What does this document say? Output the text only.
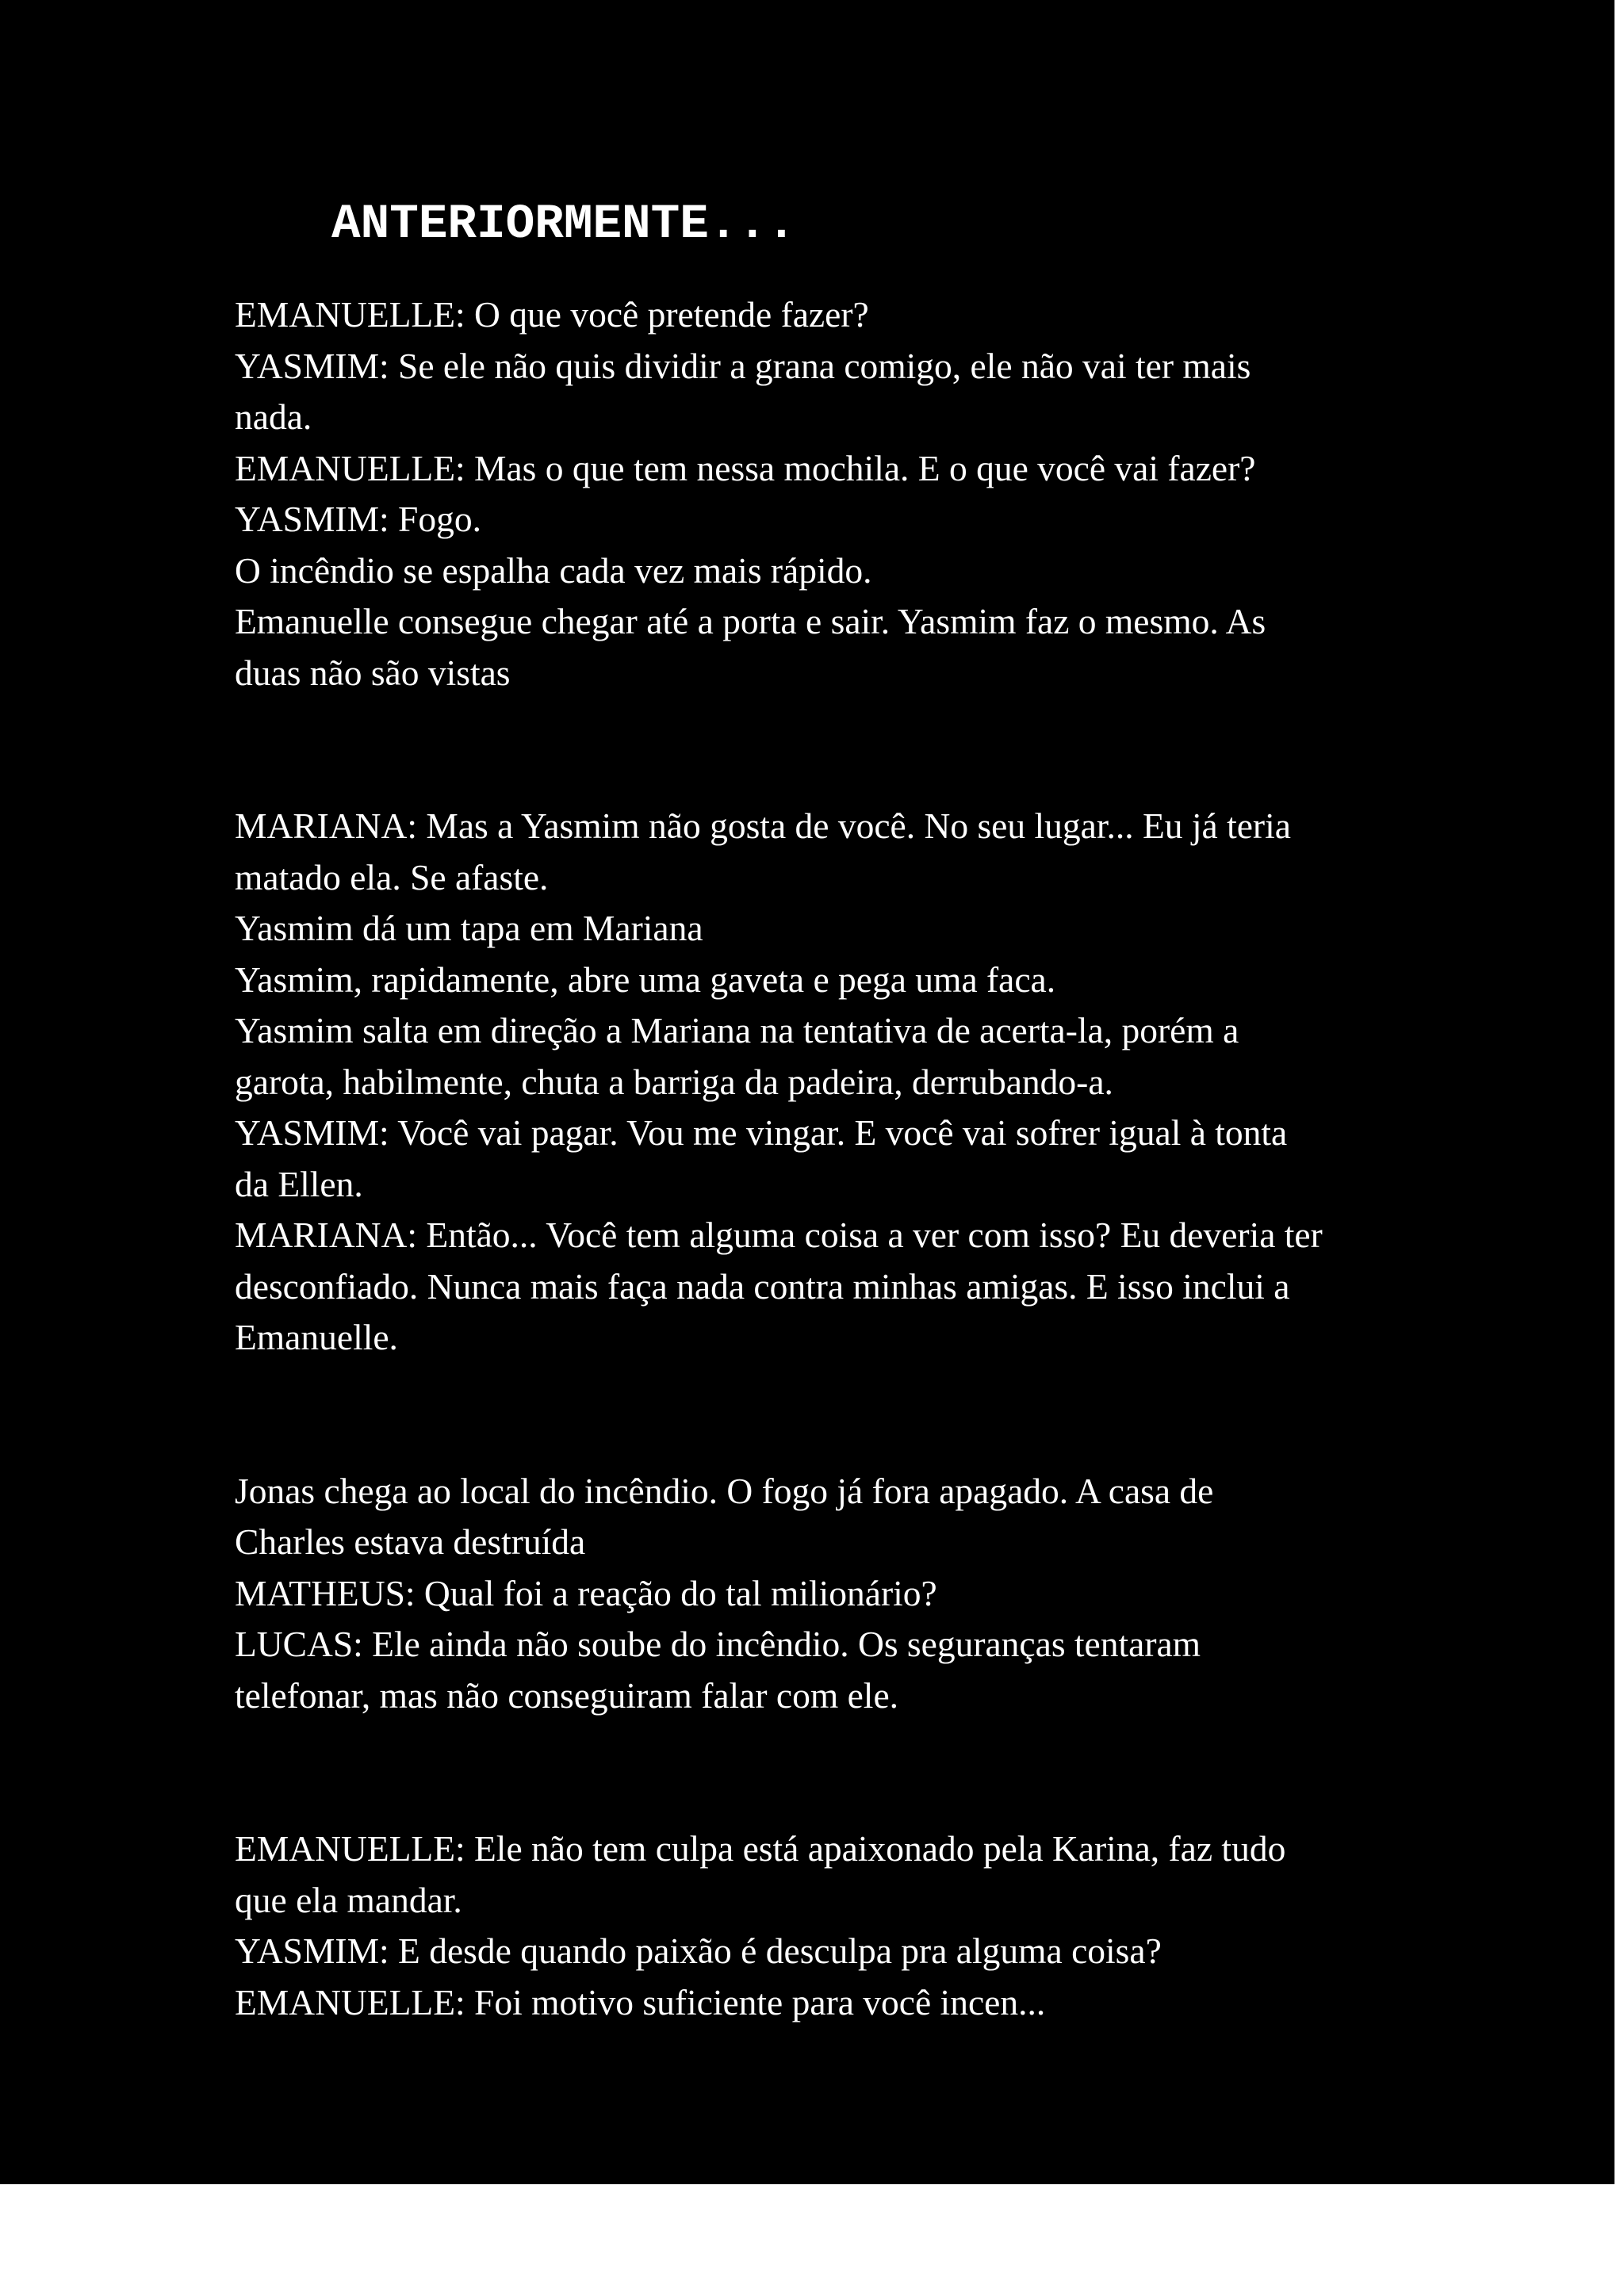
ANTERIORMENTE...

EMANUELLE: O que você pretende fazer?
YASMIM: Se ele não quis dividir a grana comigo, ele não vai ter mais
nada.
EMANUELLE: Mas o que tem nessa mochila. E o que você vai fazer?
YASMIM: Fogo.
O incêndio se espalha cada vez mais rápido.
Emanuelle consegue chegar até a porta e sair. Yasmim faz o mesmo. As
duas não são vistas

MARIANA: Mas a Yasmim não gosta de você. No seu lugar... Eu já teria
matado ela. Se afaste.
Yasmim dá um tapa em Mariana
Yasmim, rapidamente, abre uma gaveta e pega uma faca.
Yasmim salta em direção a Mariana na tentativa de acerta-la, porém a
garota, habilmente, chuta a barriga da padeira, derrubando-a.
YASMIM: Você vai pagar. Vou me vingar. E você vai sofrer igual à tonta
da Ellen.
MARIANA: Então... Você tem alguma coisa a ver com isso? Eu deveria ter
desconfiado. Nunca mais faça nada contra minhas amigas. E isso inclui a
Emanuelle.

Jonas chega ao local do incêndio. O fogo já fora apagado. A casa de
Charles estava destruída
MATHEUS: Qual foi a reação do tal milionário?
LUCAS: Ele ainda não soube do incêndio. Os seguranças tentaram
telefonar, mas não conseguiram falar com ele.

EMANUELLE: Ele não tem culpa está apaixonado pela Karina, faz tudo
que ela mandar.
YASMIM: E desde quando paixão é desculpa pra alguma coisa?
EMANUELLE: Foi motivo suficiente para você incen...
